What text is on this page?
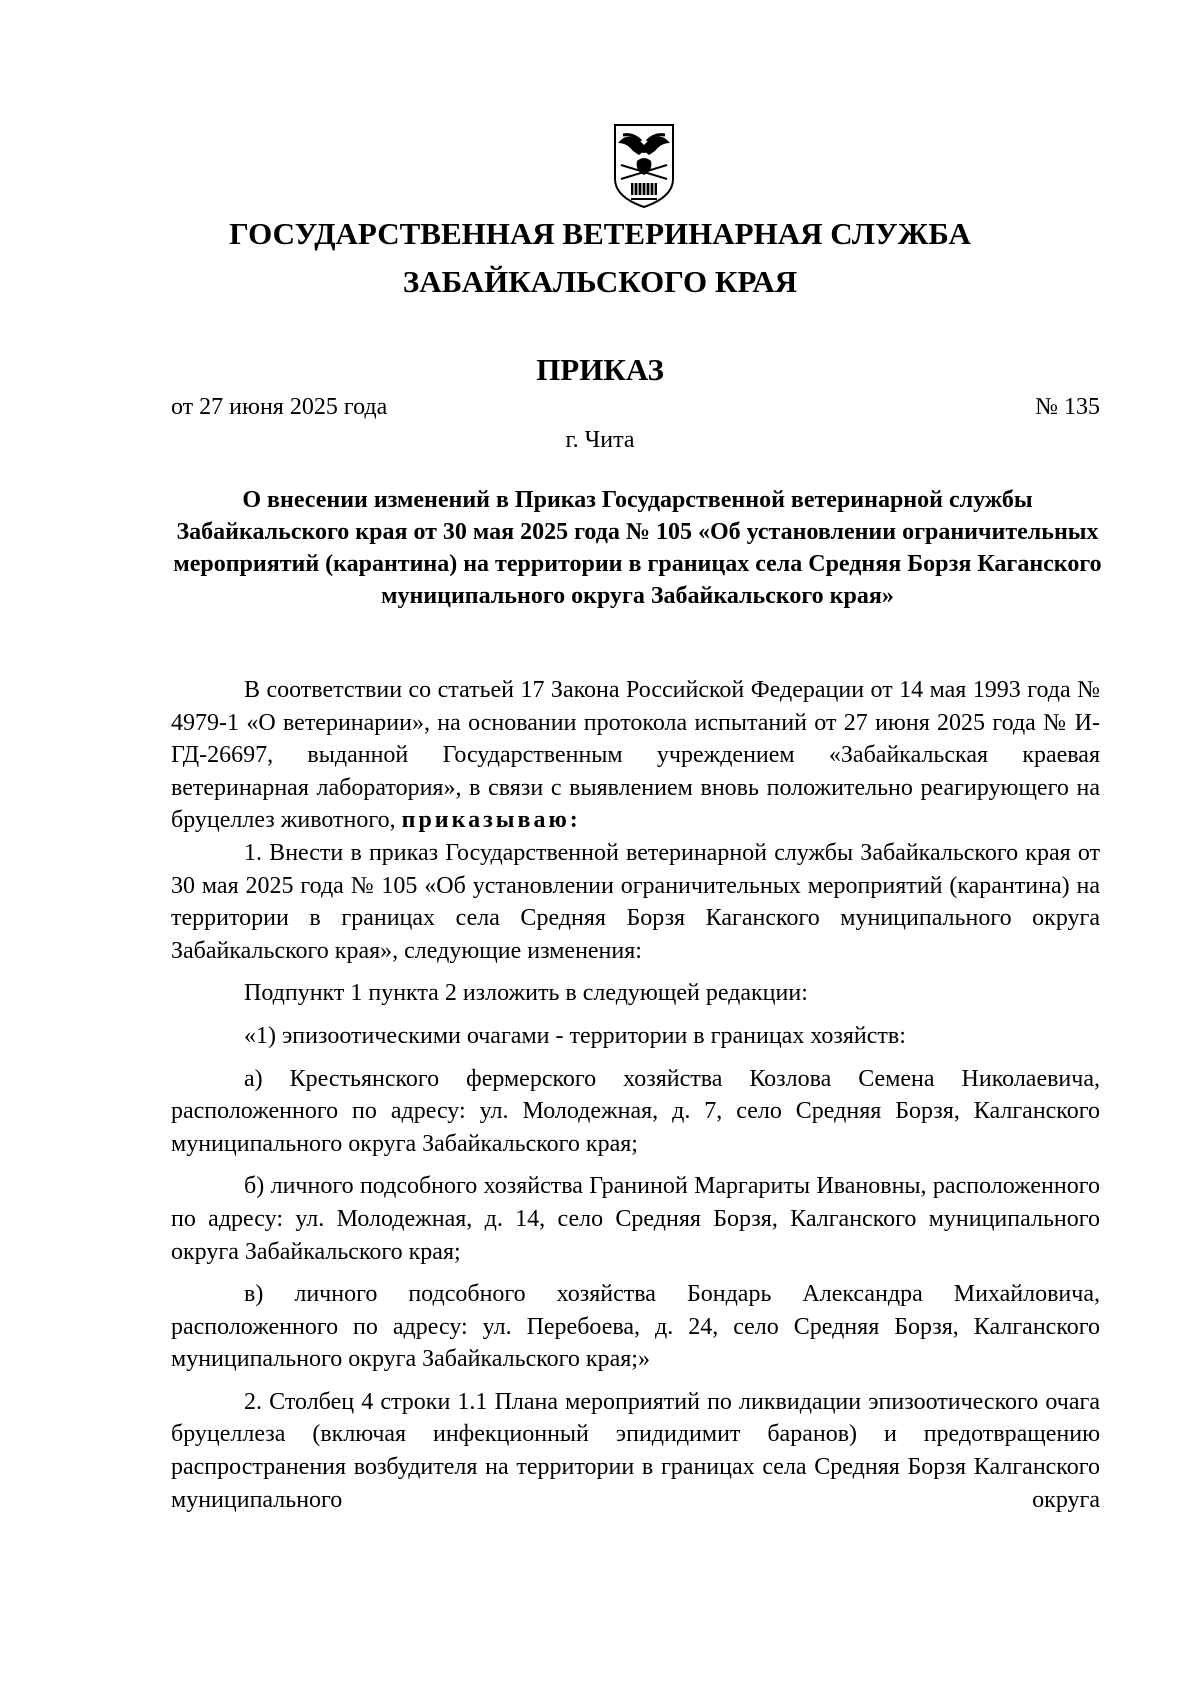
ГОСУДАРСТВЕННАЯ ВЕТЕРИНАРНАЯ СЛУЖБА
ЗАБАЙКАЛЬСКОГО КРАЯ
ПРИКАЗ
от 27 июня 2025 года	№ 135
г. Чита
О внесении изменений в Приказ Государственной ветеринарной службы Забайкальского края от 30 мая 2025 года № 105 «Об установлении ограничительных мероприятий (карантина) на территории в границах села Средняя Борзя Каганского муниципального округа Забайкальского края»

В соответствии со статьей 17 Закона Российской Федерации от 14 мая 1993 года № 4979-1 «О ветеринарии», на основании протокола испытаний от 27 июня 2025 года № И-ГД-26697, выданной Государственным учреждением «Забайкальская краевая ветеринарная лаборатория», в связи с выявлением вновь положительно реагирующего на бруцеллез животного, приказываю:

1. Внести в приказ Государственной ветеринарной службы Забайкальского края от 30 мая 2025 года № 105 «Об установлении ограничительных мероприятий (карантина) на территории в границах села Средняя Борзя Каганского муниципального округа Забайкальского края», следующие изменения:

Подпункт 1 пункта 2 изложить в следующей редакции:

«1) эпизоотическими очагами - территории в границах хозяйств:

а) Крестьянского фермерского хозяйства Козлова Семена Николаевича, расположенного по адресу: ул. Молодежная, д. 7, село Средняя Борзя, Калганского муниципального округа Забайкальского края;

б) личного подсобного хозяйства Граниной Маргариты Ивановны, расположенного по адресу: ул. Молодежная, д. 14, село Средняя Борзя, Калганского муниципального округа Забайкальского края;

в) личного подсобного хозяйства Бондарь Александра Михайловича, расположенного по адресу: ул. Перебоева, д. 24, село Средняя Борзя, Калганского муниципального округа Забайкальского края;»

2. Столбец 4 строки 1.1 Плана мероприятий по ликвидации эпизоотического очага бруцеллеза (включая инфекционный эпидидимит баранов) и предотвращению распространения возбудителя на территории в границах села Средняя Борзя Калганского муниципального округа
